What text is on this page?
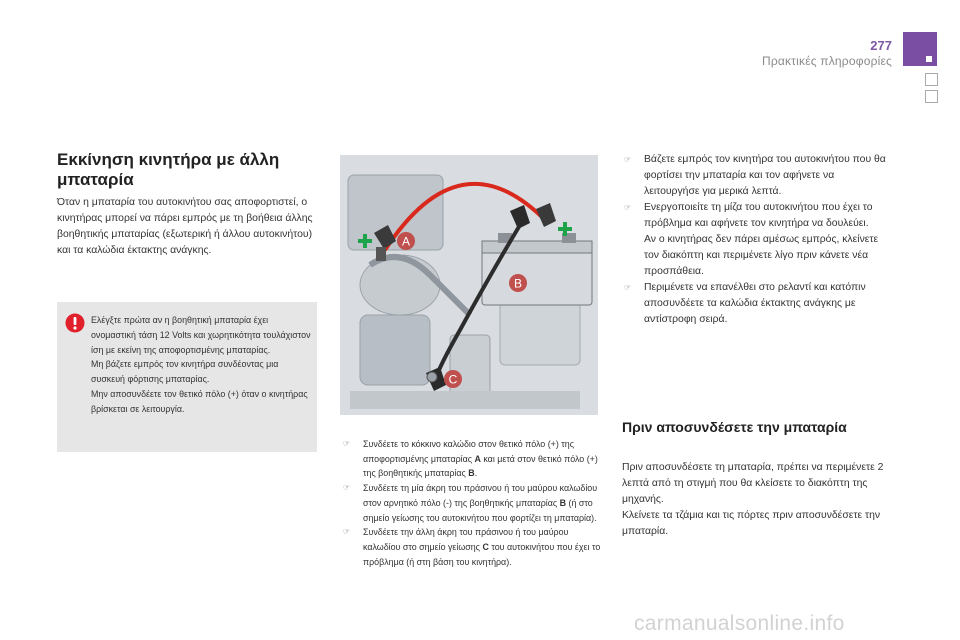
277
Πρακτικές πληροφορίες
Εκκίνηση κινητήρα με άλλη μπαταρία

Όταν η μπαταρία του αυτοκινήτου σας αποφορτιστεί, ο κινητήρας μπορεί να πάρει εμπρός με τη βοήθεια άλλης βοηθητικής μπαταρίας (εξωτερική ή άλλου αυτοκινήτου) και τα καλώδια έκτακτης ανάγκης.

Ελέγξτε πρώτα αν η βοηθητική μπαταρία έχει ονομαστική τάση 12 Volts και χωρητικότητα τουλάχιστον ίση με εκείνη της αποφορτισμένης μπαταρίας.
Μη βάζετε εμπρός τον κινητήρα συνδέοντας μια συσκευή φόρτισης μπαταρίας.
Μην αποσυνδέετε τον θετικό πόλο (+) όταν ο κινητήρας βρίσκεται σε λειτουργία.
A
B
C
☞ Συνδέετε το κόκκινο καλώδιο στον θετικό πόλο (+) της αποφορτισμένης μπαταρίας A και μετά στον θετικό πόλο (+) της βοηθητικής μπαταρίας B.
☞ Συνδέετε τη μία άκρη του πράσινου ή του μαύρου καλωδίου στον αρνητικό πόλο (-) της βοηθητικής μπαταρίας B (ή στο σημείο γείωσης του αυτοκινήτου που φορτίζει τη μπαταρία).
☞ Συνδέετε την άλλη άκρη του πράσινου ή του μαύρου καλωδίου στο σημείο γείωσης C του αυτοκινήτου που έχει το πρόβλημα (ή στη βάση του κινητήρα).
☞ Βάζετε εμπρός τον κινητήρα του αυτοκινήτου που θα φορτίσει την μπαταρία και τον αφήνετε να λειτουργήσε για μερικά λεπτά.
☞ Ενεργοποιείτε τη μίζα του αυτοκινήτου που έχει το πρόβλημα και αφήνετε τον κινητήρα να δουλεύει.
Αν ο κινητήρας δεν πάρει αμέσως εμπρός, κλείνετε τον διακόπτη και περιμένετε λίγο πριν κάνετε νέα προσπάθεια.
☞ Περιμένετε να επανέλθει στο ρελαντί και κατόπιν αποσυνδέετε τα καλώδια έκτακτης ανάγκης με αντίστροφη σειρά.
Πριν αποσυνδέσετε την μπαταρία
Πριν αποσυνδέσετε τη μπαταρία, πρέπει να περιμένετε 2 λεπτά από τη στιγμή που θα κλείσετε το διακόπτη της μηχανής.
Κλείνετε τα τζάμια και τις πόρτες πριν αποσυνδέσετε την μπαταρία.
carmanualsonline.info
